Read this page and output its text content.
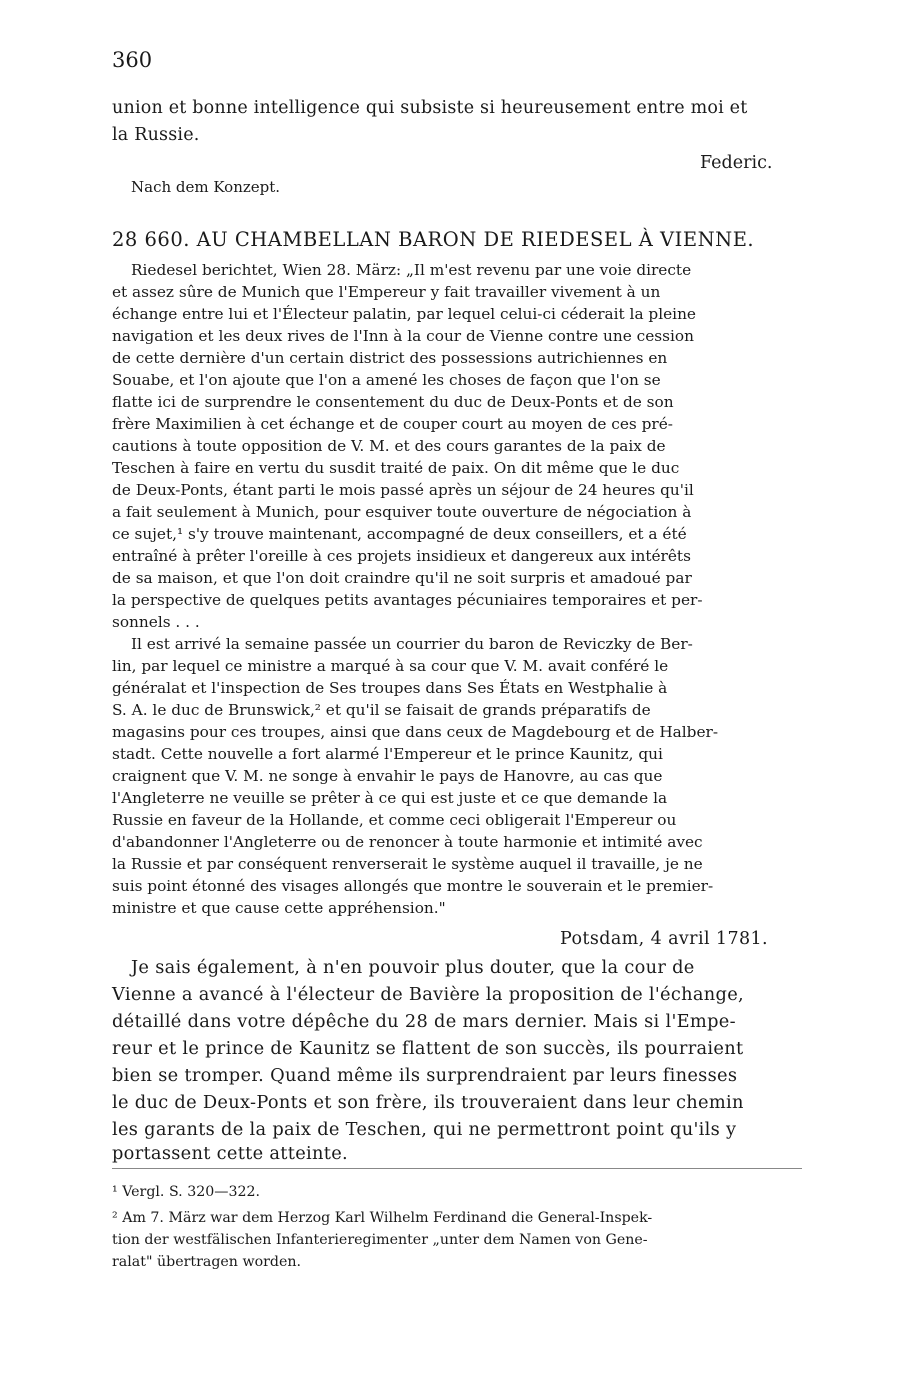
360
union et bonne intelligence qui subsiste si heureusement entre moi et
la Russie.
Federic.
Nach dem Konzept.
28 660. AU CHAMBELLAN BARON DE RIEDESEL À VIENNE.
Riedesel berichtet, Wien 28. März: „Il m'est revenu par une voie directe
et assez sûre de Munich que l'Empereur y fait travailler vivement à un
échange entre lui et l'Électeur palatin, par lequel celui-ci céderait la pleine
navigation et les deux rives de l'Inn à la cour de Vienne contre une cession
de cette dernière d'un certain district des possessions autrichiennes en
Souabe, et l'on ajoute que l'on a amené les choses de façon que l'on se
flatte ici de surprendre le consentement du duc de Deux-Ponts et de son
frère Maximilien à cet échange et de couper court au moyen de ces pré-
cautions à toute opposition de V. M. et des cours garantes de la paix de
Teschen à faire en vertu du susdit traité de paix. On dit même que le duc
de Deux-Ponts, étant parti le mois passé après un séjour de 24 heures qu'il
a fait seulement à Munich, pour esquiver toute ouverture de négociation à
ce sujet,¹ s'y trouve maintenant, accompagné de deux conseillers, et a été
entraîné à prêter l'oreille à ces projets insidieux et dangereux aux intérêts
de sa maison, et que l'on doit craindre qu'il ne soit surpris et amadoué par
la perspective de quelques petits avantages pécuniaires temporaires et per-
sonnels . . .
Il est arrivé la semaine passée un courrier du baron de Reviczky de Ber-
lin, par lequel ce ministre a marqué à sa cour que V. M. avait conféré le
généralat et l'inspection de Ses troupes dans Ses États en Westphalie à
S. A. le duc de Brunswick,² et qu'il se faisait de grands préparatifs de
magasins pour ces troupes, ainsi que dans ceux de Magdebourg et de Halber-
stadt. Cette nouvelle a fort alarmé l'Empereur et le prince Kaunitz, qui
craignent que V. M. ne songe à envahir le pays de Hanovre, au cas que
l'Angleterre ne veuille se prêter à ce qui est juste et ce que demande la
Russie en faveur de la Hollande, et comme ceci obligerait l'Empereur ou
d'abandonner l'Angleterre ou de renoncer à toute harmonie et intimité avec
la Russie et par conséquent renverserait le système auquel il travaille, je ne
suis point étonné des visages allongés que montre le souverain et le premier-
ministre et que cause cette appréhension."
Potsdam, 4 avril 1781.
Je sais également, à n'en pouvoir plus douter, que la cour de
Vienne a avancé à l'électeur de Bavière la proposition de l'échange,
détaillé dans votre dépêche du 28 de mars dernier. Mais si l'Empe-
reur et le prince de Kaunitz se flattent de son succès, ils pourraient
bien se tromper. Quand même ils surprendraient par leurs finesses
le duc de Deux-Ponts et son frère, ils trouveraient dans leur chemin
les garants de la paix de Teschen, qui ne permettront point qu'ils y
portassent cette atteinte.
¹ Vergl. S. 320—322.
² Am 7. März war dem Herzog Karl Wilhelm Ferdinand die General-Inspek-
tion der westfälischen Infanterieregimenter „unter dem Namen von Gene-
ralat" übertragen worden.
